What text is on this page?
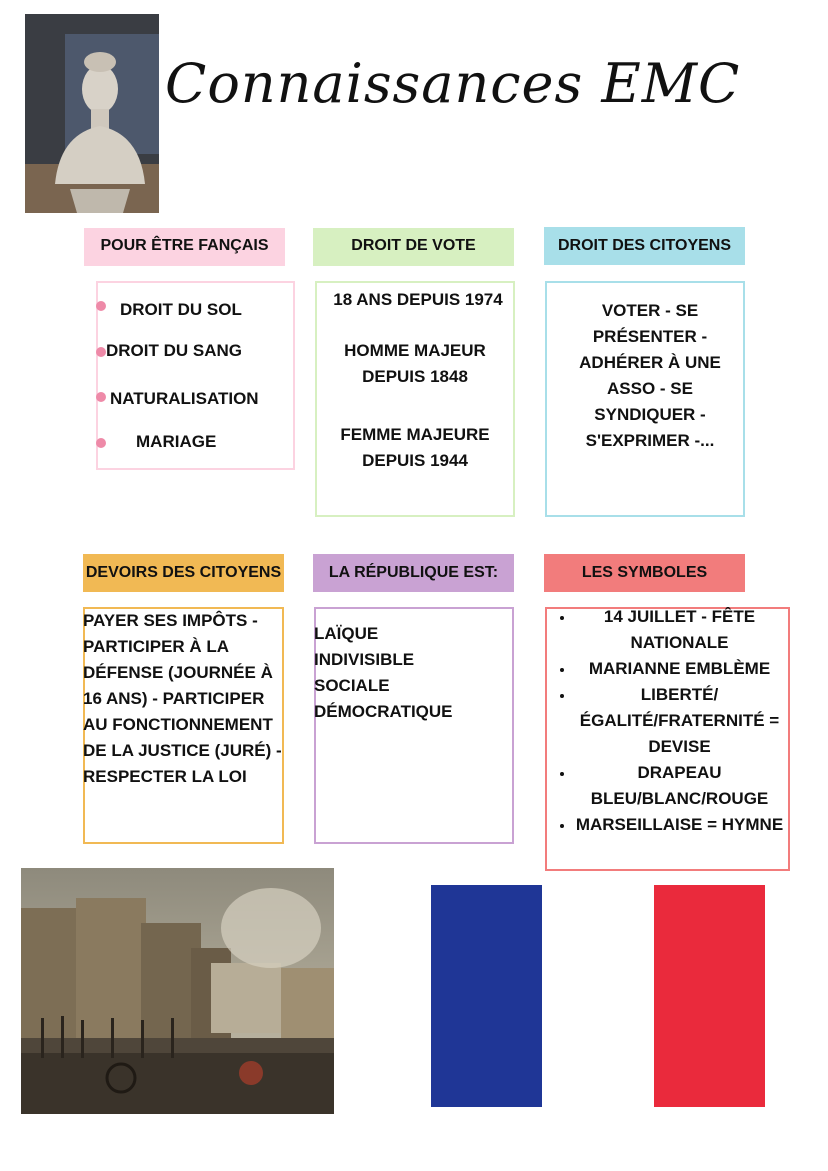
Connaissances EMC
POUR ÊTRE FANÇAIS
DROIT DU SOL
DROIT DU SANG
NATURALISATION
MARIAGE
DROIT DE VOTE
18 ANS DEPUIS 1974
HOMME MAJEUR DEPUIS 1848
FEMME MAJEURE DEPUIS 1944
DROIT DES CITOYENS
VOTER - SE PRÉSENTER - ADHÉRER À UNE ASSO - SE SYNDIQUER - S'EXPRIMER -...
DEVOIRS DES CITOYENS
PAYER SES IMPÔTS - PARTICIPER À LA DÉFENSE (JOURNÉE À 16 ANS) - PARTICIPER AU FONCTIONNEMENT DE LA JUSTICE (JURÉ) - RESPECTER LA LOI
LA RÉPUBLIQUE EST:
LAÏQUE
INDIVISIBLE
SOCIALE
DÉMOCRATIQUE
LES SYMBOLES
• 14 JUILLET - FÊTE NATIONALE
• MARIANNE EMBLÈME
• LIBERTÉ/ ÉGALITÉ/FRATERNITÉ = DEVISE
• DRAPEAU BLEU/BLANC/ROUGE
• MARSEILLAISE = HYMNE
